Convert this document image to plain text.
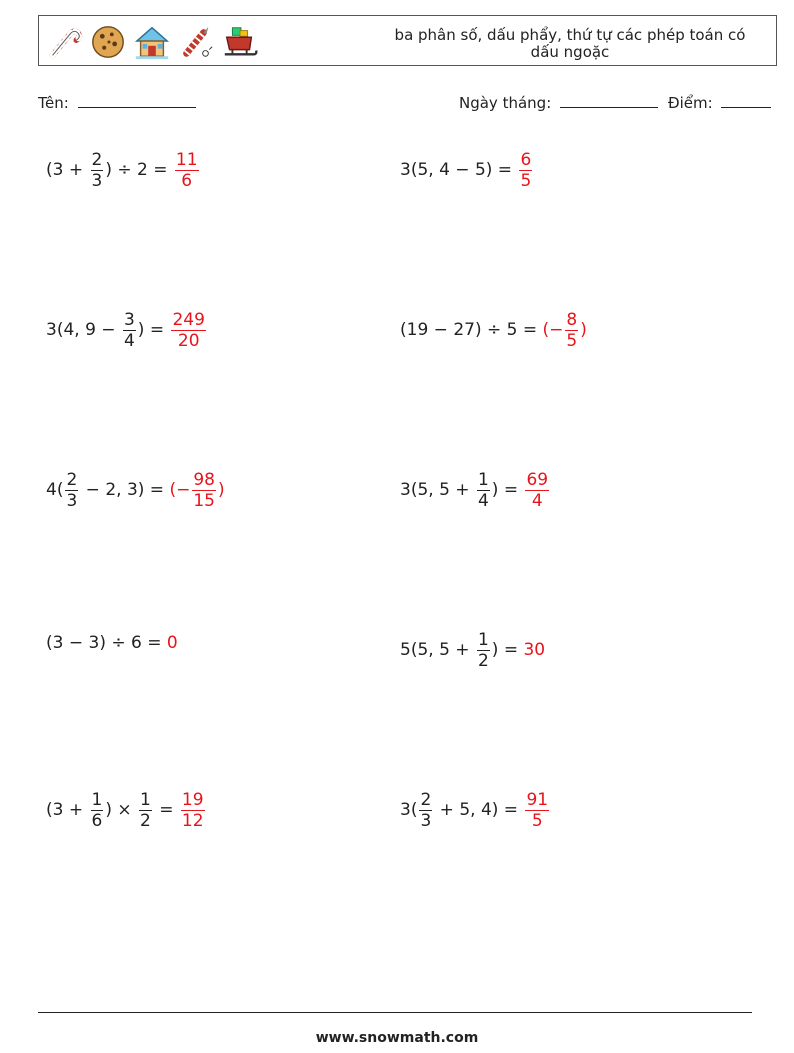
ba phân số, dấu phẩy, thứ tự các phép toán có dấu ngoặc
Tên:	Ngày tháng:	Điểm:
($3 + \frac{2}{3}$ ) ÷ $2 = \frac{11}{6}$	3(5, $4 - 5) = \frac{6}{5}$
3(4, $9 - \frac{3}{4}$ ) = $\frac{249}{20}$	(19 − 27) ÷ 5 = (− $\frac{8}{5}$ )
$4( \frac{2}{3} - 2$, 3) = (− $\frac{98}{15}$ )	3(5, $5 + \frac{1}{4}$ ) = $\frac{69}{4}$
(3 − 3) ÷ 6 = 0	5(5, $5 + \frac{1}{2}$ ) = 30
($3 + \frac{1}{6}$ ) × $\frac{1}{2} = \frac{19}{12}$	$3( \frac{2}{3} + 5$, $4) = \frac{91}{5}$
www.snowmath.com
